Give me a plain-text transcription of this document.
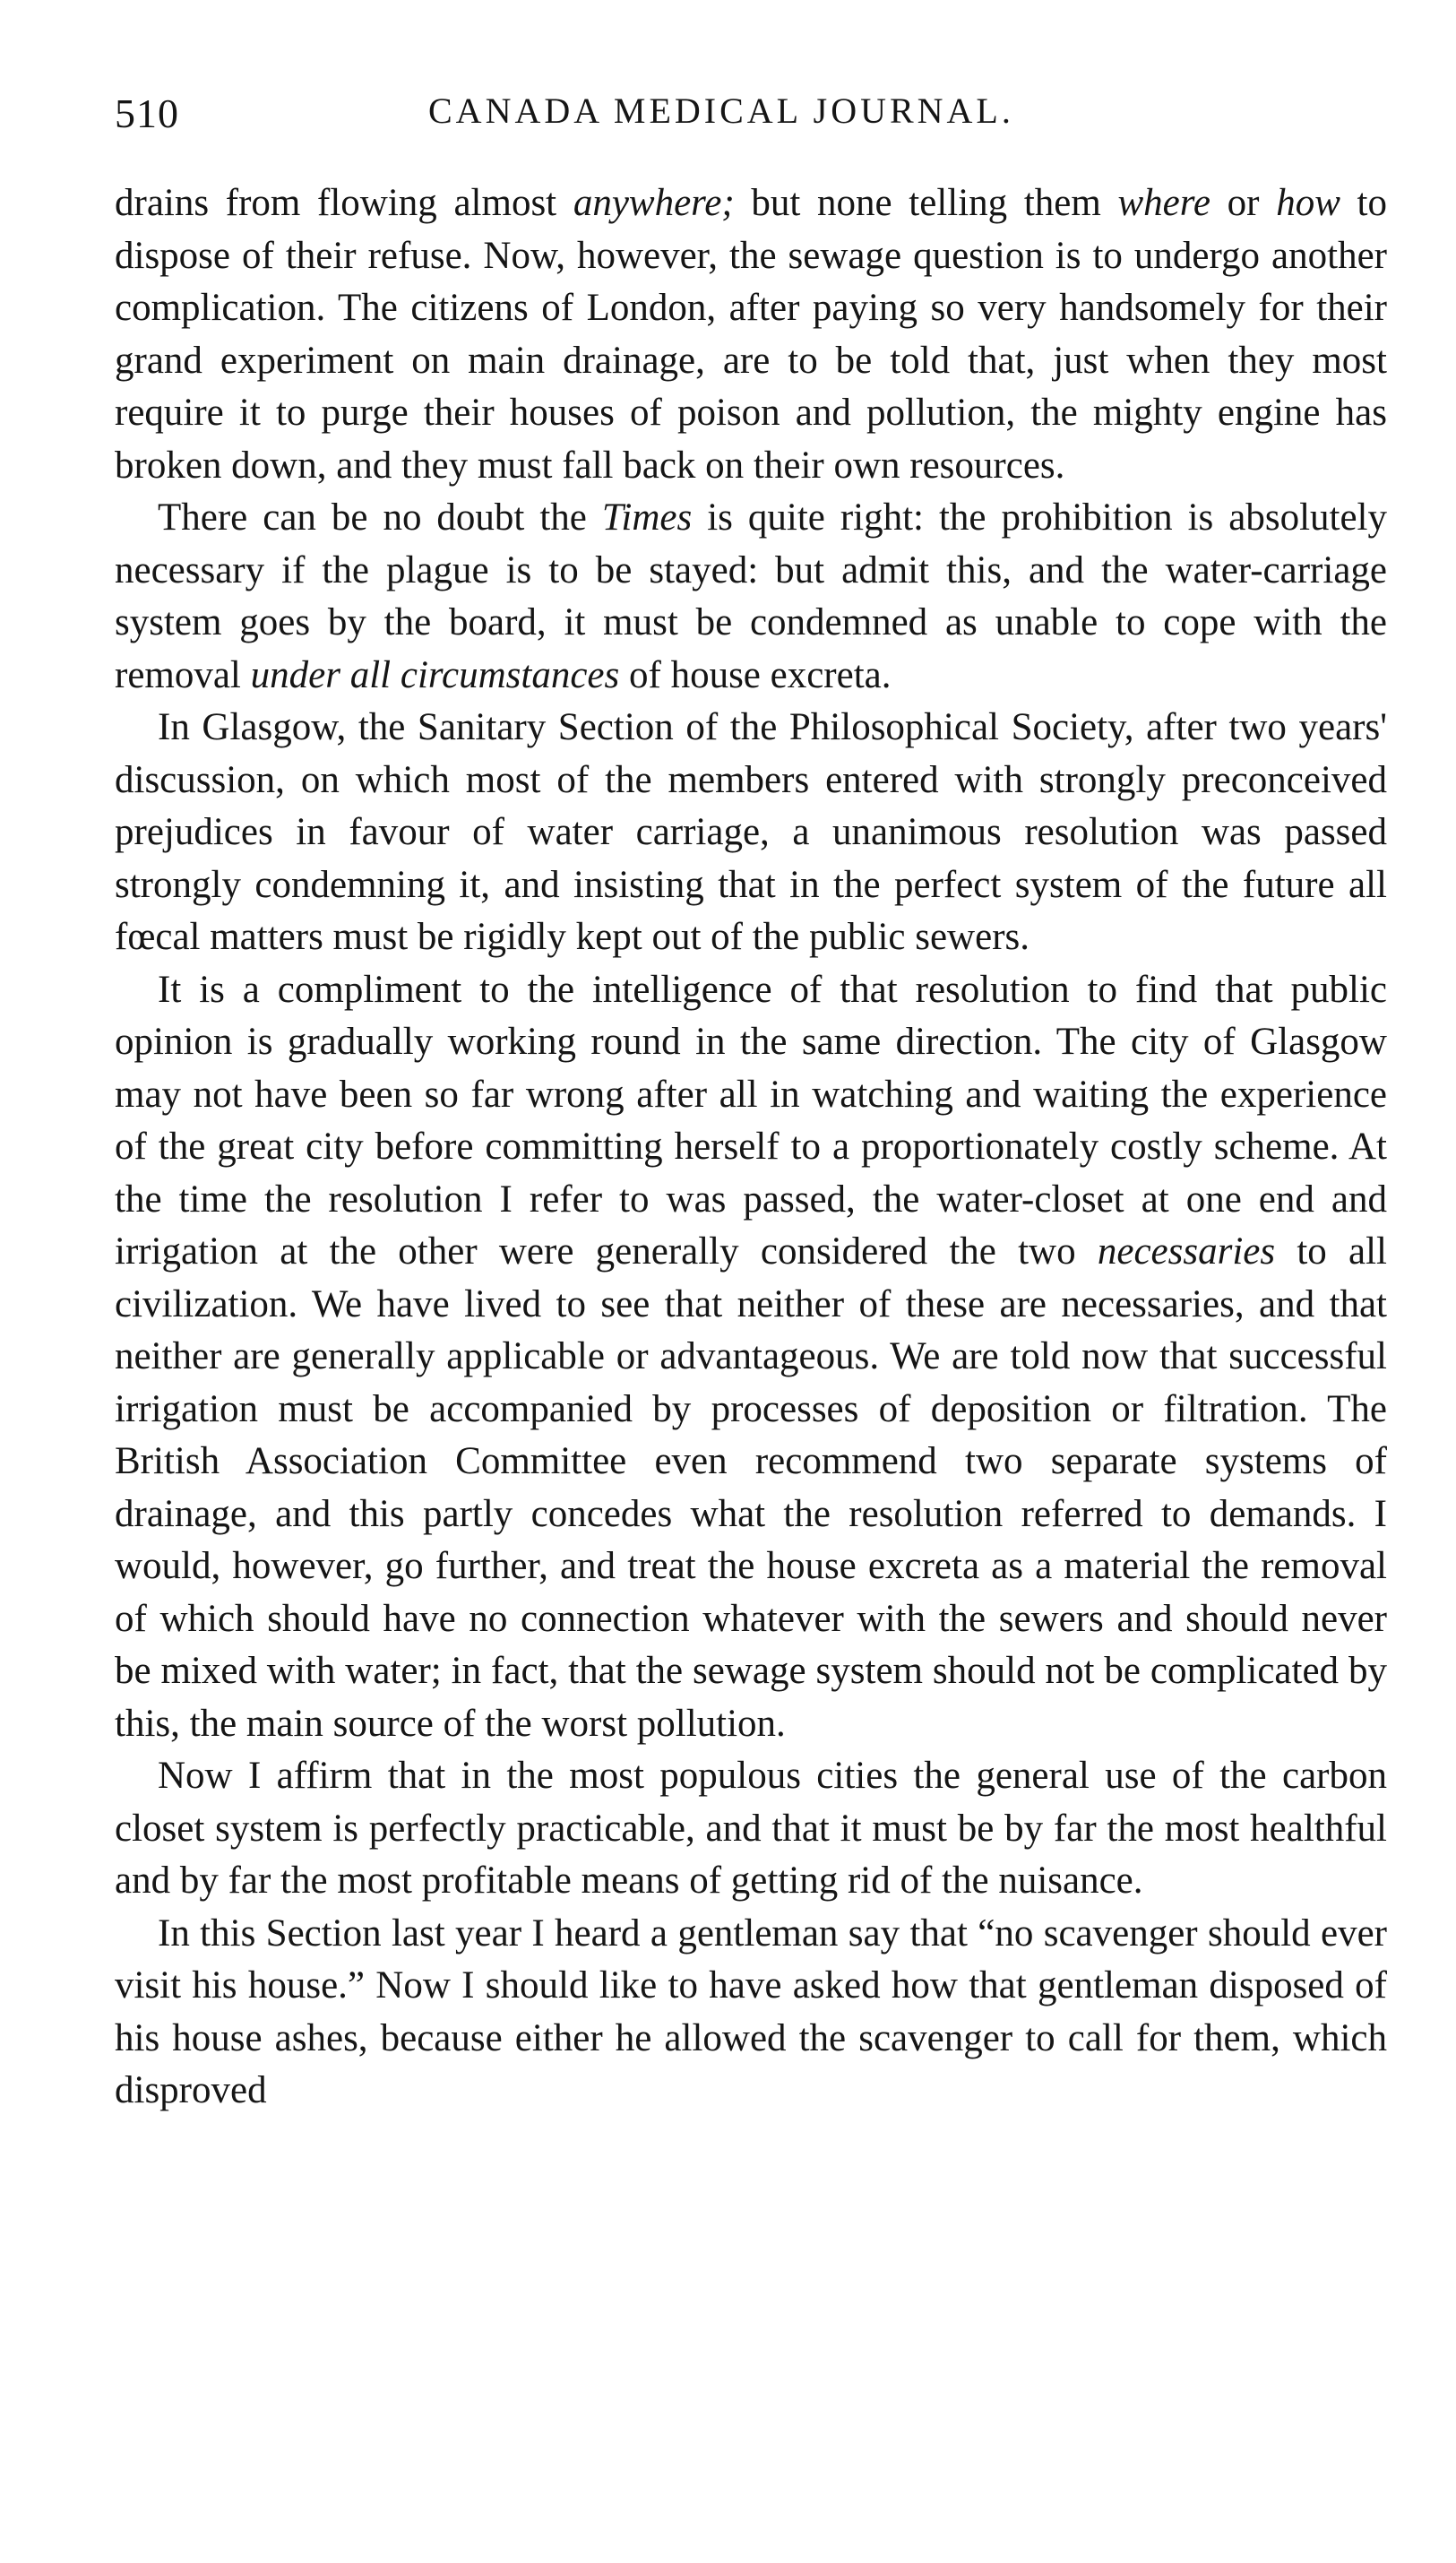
510	CANADA MEDICAL JOURNAL.

drains from flowing almost anywhere; but none telling them where or how to dispose of their refuse. Now, however, the sewage question is to undergo another complication. The citizens of London, after paying so very handsomely for their grand experiment on main drainage, are to be told that, just when they most require it to purge their houses of poison and pollution, the mighty engine has broken down, and they must fall back on their own resources.

There can be no doubt the Times is quite right: the prohibition is absolutely necessary if the plague is to be stayed: but admit this, and the water-carriage system goes by the board, it must be condemned as unable to cope with the removal under all circumstances of house excreta.

In Glasgow, the Sanitary Section of the Philosophical Society, after two years' discussion, on which most of the members entered with strongly preconceived prejudices in favour of water carriage, a unanimous resolution was passed strongly condemning it, and insisting that in the perfect system of the future all fœcal matters must be rigidly kept out of the public sewers.

It is a compliment to the intelligence of that resolution to find that public opinion is gradually working round in the same direction. The city of Glasgow may not have been so far wrong after all in watching and waiting the experience of the great city before committing herself to a proportionately costly scheme. At the time the resolution I refer to was passed, the water-closet at one end and irrigation at the other were generally considered the two necessaries to all civilization. We have lived to see that neither of these are necessaries, and that neither are generally applicable or advantageous. We are told now that successful irrigation must be accompanied by processes of deposition or filtration. The British Association Committee even recommend two separate systems of drainage, and this partly concedes what the resolution referred to demands. I would, however, go further, and treat the house excreta as a material the removal of which should have no connection whatever with the sewers and should never be mixed with water; in fact, that the sewage system should not be complicated by this, the main source of the worst pollution.

Now I affirm that in the most populous cities the general use of the carbon closet system is perfectly practicable, and that it must be by far the most healthful and by far the most profitable means of getting rid of the nuisance.

In this Section last year I heard a gentleman say that “no scavenger should ever visit his house.” Now I should like to have asked how that gentleman disposed of his house ashes, because either he allowed the scavenger to call for them, which disproved
